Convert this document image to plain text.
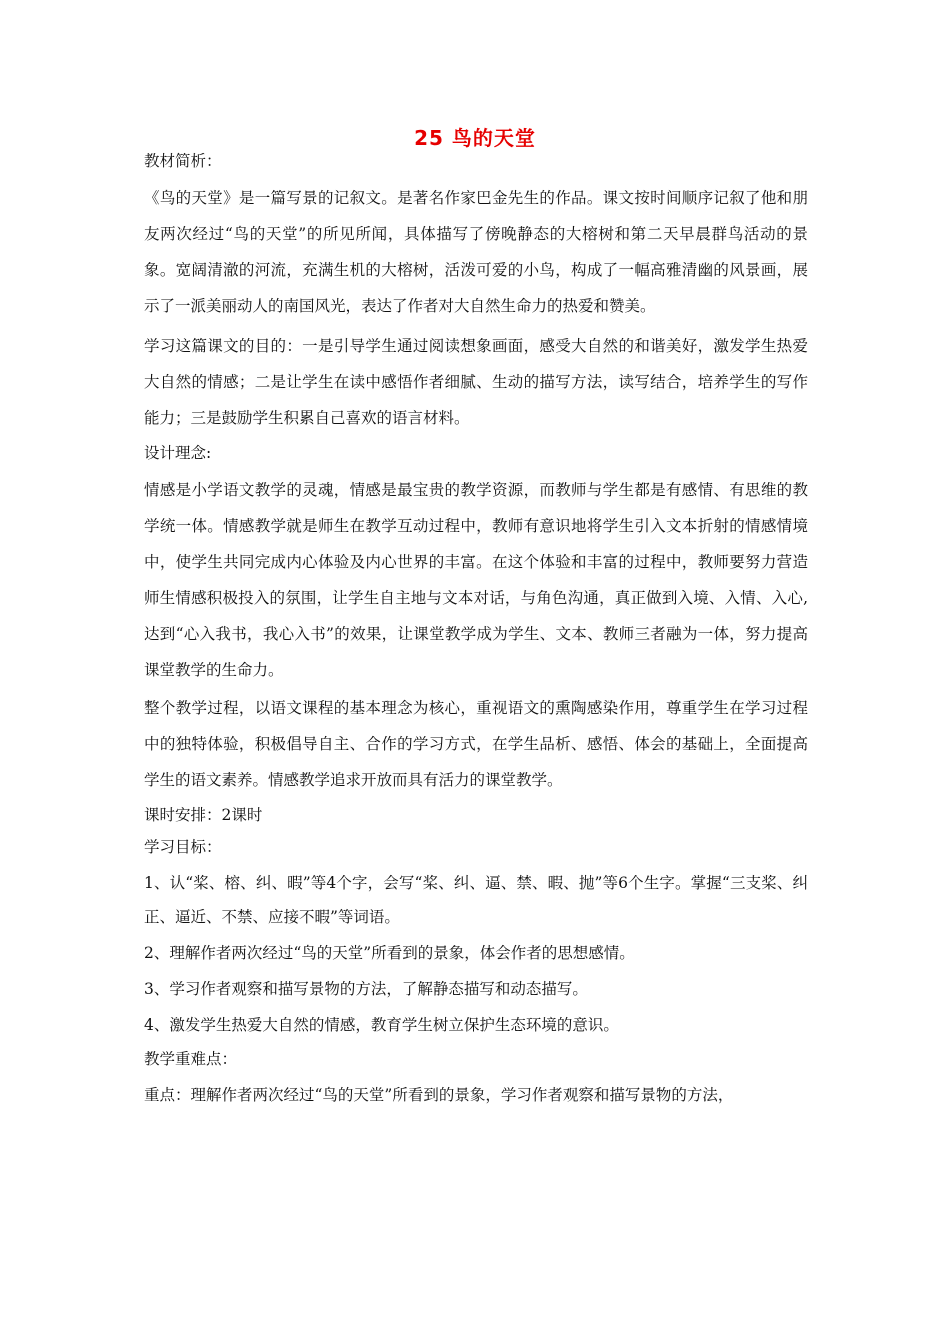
25 鸟的天堂

教材简析：

《鸟的天堂》是一篇写景的记叙文。是著名作家巴金先生的作品。课文按时间顺序记叙了他和朋友两次经过“鸟的天堂”的所见所闻，具体描写了傍晚静态的大榕树和第二天早晨群鸟活动的景象。宽阔清澈的河流，充满生机的大榕树，活泼可爱的小鸟，构成了一幅高雅清幽的风景画，展示了一派美丽动人的南国风光，表达了作者对大自然生命力的热爱和赞美。

学习这篇课文的目的：一是引导学生通过阅读想象画面，感受大自然的和谐美好，激发学生热爱大自然的情感；二是让学生在读中感悟作者细腻、生动的描写方法，读写结合，培养学生的写作能力；三是鼓励学生积累自己喜欢的语言材料。

设计理念:

情感是小学语文教学的灵魂，情感是最宝贵的教学资源，而教师与学生都是有感情、有思维的教学统一体。情感教学就是师生在教学互动过程中，教师有意识地将学生引入文本折射的情感情境中，使学生共同完成内心体验及内心世界的丰富。在这个体验和丰富的过程中，教师要努力营造师生情感积极投入的氛围，让学生自主地与文本对话，与角色沟通，真正做到入境、入情、入心,达到“心入我书，我心入书”的效果，让课堂教学成为学生、文本、教师三者融为一体，努力提高课堂教学的生命力。

整个教学过程，以语文课程的基本理念为核心，重视语文的熏陶感染作用，尊重学生在学习过程中的独特体验，积极倡导自主、合作的学习方式，在学生品析、感悟、体会的基础上，全面提高学生的语文素养。情感教学追求开放而具有活力的课堂教学。

课时安排：2课时

学习目标：

1、认“桨、榕、纠、暇”等4个字，会写“桨、纠、逼、禁、暇、抛”等6个生字。掌握“三支桨、纠正、逼近、不禁、应接不暇”等词语。

2、理解作者两次经过“鸟的天堂”所看到的景象，体会作者的思想感情。

3、学习作者观察和描写景物的方法，了解静态描写和动态描写。

4、激发学生热爱大自然的情感，教育学生树立保护生态环境的意识。

教学重难点：

重点：理解作者两次经过“鸟的天堂”所看到的景象，学习作者观察和描写景物的方法，
